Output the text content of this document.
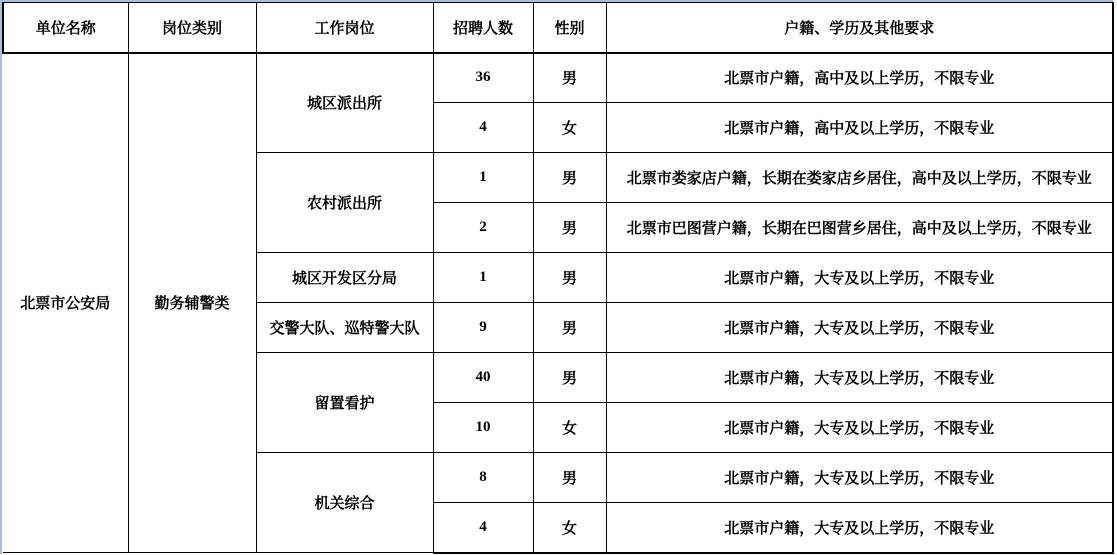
单位名称	岗位类别	工作岗位	招聘人数	性别	户籍、学历及其他要求
北票市公安局	勤务辅警类	城区派出所	36	男	北票市户籍，高中及以上学历，不限专业
			4	女	北票市户籍，高中及以上学历，不限专业
		农村派出所	1	男	北票市娄家店户籍，长期在娄家店乡居住，高中及以上学历，不限专业
			2	男	北票市巴图营户籍，长期在巴图营乡居住，高中及以上学历，不限专业
		城区开发区分局	1	男	北票市户籍，大专及以上学历，不限专业
		交警大队、巡特警大队	9	男	北票市户籍，大专及以上学历，不限专业
		留置看护	40	男	北票市户籍，大专及以上学历，不限专业
			10	女	北票市户籍，大专及以上学历，不限专业
		机关综合	8	男	北票市户籍，大专及以上学历，不限专业
			4	女	北票市户籍，大专及以上学历，不限专业
